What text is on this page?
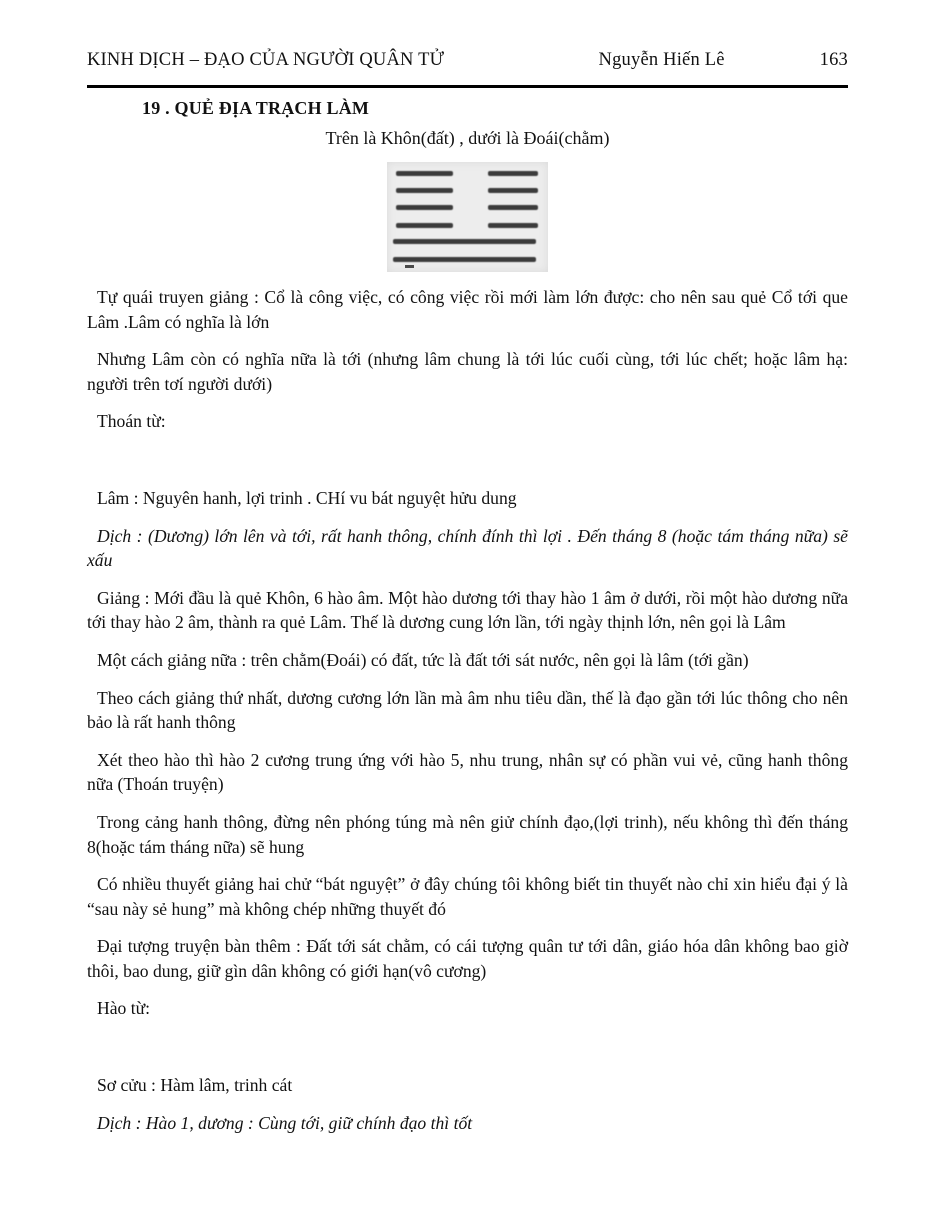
KINH DỊCH – ĐẠO CỦA NGƯỜI QUÂN TỬ	Nguyễn Hiến Lê	163
19 . QUẺ ĐỊA TRẠCH LÀM
Trên là Khôn(đất) , dưới là Đoái(chằm)

Tự quái truyen giảng : Cổ là công việc, có công việc rồi mới làm lớn được: cho nên sau quẻ Cổ tới que Lâm .Lâm có nghĩa là lớn

Nhưng Lâm còn có nghĩa nữa là tới (nhưng lâm chung là tới lúc cuối cùng, tới lúc chết; hoặc lâm hạ: người trên tơí người dưới)

Thoán từ:

Lâm : Nguyên hanh, lợi trinh . CHí vu bát nguyệt hửu dung

Dịch : (Dương) lớn lên và tới, rất hanh thông, chính đính thì lợi . Đến tháng 8 (hoặc tám tháng nữa) sẽ xấu

Giảng : Mới đầu là quẻ Khôn, 6 hào âm. Một hào dương tới thay hào 1 âm ở dưới, rồi một hào dương nữa tới thay hào 2 âm, thành ra quẻ Lâm. Thế là dương cung lớn lần, tới ngày thịnh lớn, nên gọi là Lâm

Một cách giảng nữa : trên chằm(Đoái) có đất, tức là đất tới sát nước, nên gọi là lâm (tới gần)

Theo cách giảng thứ nhất, dương cương lớn lần mà âm nhu tiêu dần, thế là đạo gần tới lúc thông cho nên bảo là rất hanh thông

Xét theo hào thì hào 2 cương trung ứng với hào 5, nhu trung, nhân sự có phần vui vẻ, cũng hanh thông nữa (Thoán truyện)

Trong cảng hanh thông, đừng nên phóng túng mà nên giử chính đạo,(lợi trinh), nếu không thì đến tháng 8(hoặc tám tháng nữa) sẽ hung

Có nhiều thuyết giảng hai chử “bát nguyệt” ở đây chúng tôi không biết tin thuyết nào chỉ xin hiểu đại ý là “sau này sẻ hung” mà không chép những thuyết đó

Đại tượng truyện bàn thêm : Đất tới sát chằm, có cái tượng quân tư tới dân, giáo hóa dân không bao giờ thôi, bao dung, giữ gìn dân không có giới hạn(vô cương)

Hào từ:

Sơ cửu : Hàm lâm, trinh cát

Dịch : Hào 1, dương : Cùng tới, giữ chính đạo thì tốt
